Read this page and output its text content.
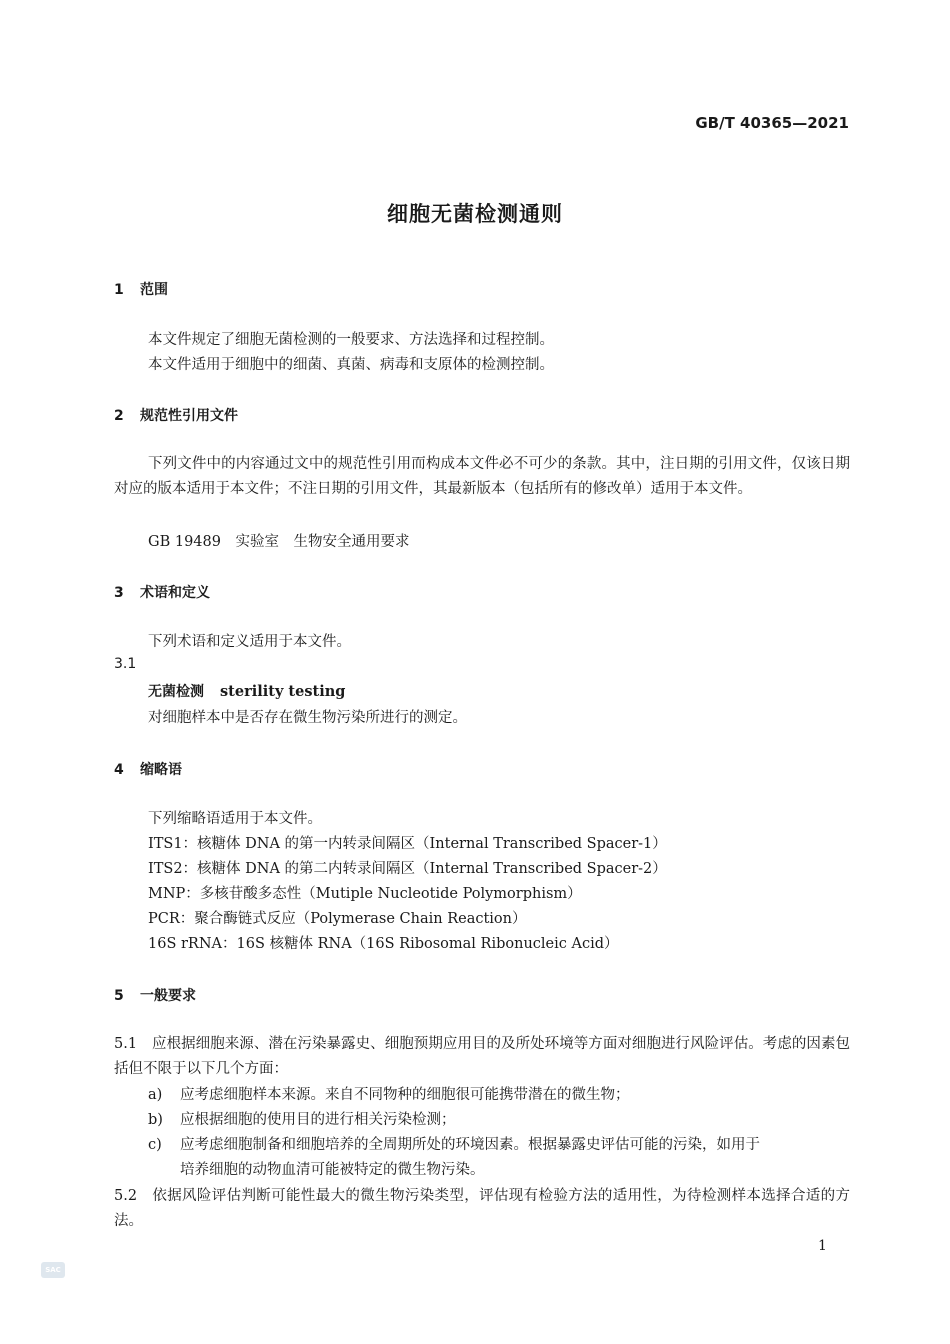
GB/T 40365—2021
细胞无菌检测通则
1 范围
本文件规定了细胞无菌检测的一般要求、方法选择和过程控制。
本文件适用于细胞中的细菌、真菌、病毒和支原体的检测控制。
2 规范性引用文件
下列文件中的内容通过文中的规范性引用而构成本文件必不可少的条款。其中，注日期的引用文件，仅该日期对应的版本适用于本文件；不注日期的引用文件，其最新版本（包括所有的修改单）适用于本文件。
GB 19489　实验室　生物安全通用要求
3 术语和定义
下列术语和定义适用于本文件。
3.1
无菌检测 sterility testing
对细胞样本中是否存在微生物污染所进行的测定。
4 缩略语
下列缩略语适用于本文件。
ITS1：核糖体 DNA 的第一内转录间隔区（Internal Transcribed Spacer-1）
ITS2：核糖体 DNA 的第二内转录间隔区（Internal Transcribed Spacer-2）
MNP：多核苷酸多态性（Mutiple Nucleotide Polymorphism）
PCR：聚合酶链式反应（Polymerase Chain Reaction）
16S rRNA：16S 核糖体 RNA（16S Ribosomal Ribonucleic Acid）
5 一般要求
5.1 应根据细胞来源、潜在污染暴露史、细胞预期应用目的及所处环境等方面对细胞进行风险评估。考虑的因素包括但不限于以下几个方面：
a) 应考虑细胞样本来源。来自不同物种的细胞很可能携带潜在的微生物；
b) 应根据细胞的使用目的进行相关污染检测；
c) 应考虑细胞制备和细胞培养的全周期所处的环境因素。根据暴露史评估可能的污染，如用于
培养细胞的动物血清可能被特定的微生物污染。
5.2 依据风险评估判断可能性最大的微生物污染类型，评估现有检验方法的适用性，为待检测样本选择合适的方法。
1
SAC
